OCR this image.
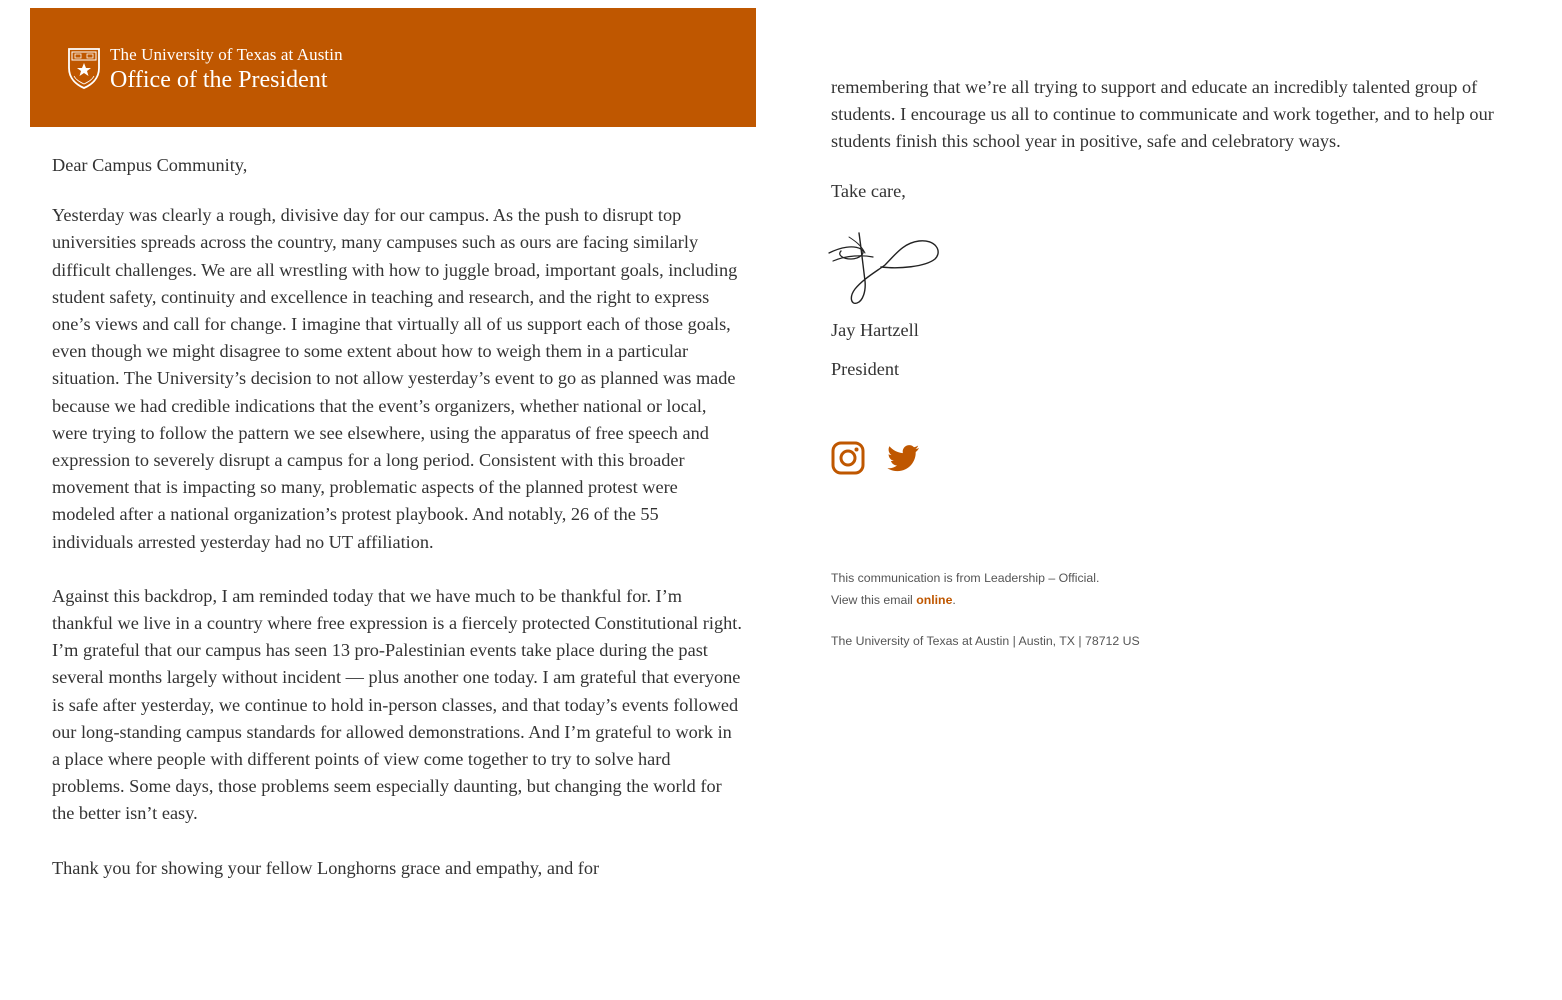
The University of Texas at Austin
Office of the President

Dear Campus Community,

Yesterday was clearly a rough, divisive day for our campus. As the push to disrupt top universities spreads across the country, many campuses such as ours are facing similarly difficult challenges. We are all wrestling with how to juggle broad, important goals, including student safety, continuity and excellence in teaching and research, and the right to express one’s views and call for change. I imagine that virtually all of us support each of those goals, even though we might disagree to some extent about how to weigh them in a particular situation. The University’s decision to not allow yesterday’s event to go as planned was made because we had credible indications that the event’s organizers, whether national or local, were trying to follow the pattern we see elsewhere, using the apparatus of free speech and expression to severely disrupt a campus for a long period. Consistent with this broader movement that is impacting so many, problematic aspects of the planned protest were modeled after a national organization’s protest playbook. And notably, 26 of the 55 individuals arrested yesterday had no UT affiliation.

Against this backdrop, I am reminded today that we have much to be thankful for. I’m thankful we live in a country where free expression is a fiercely protected Constitutional right. I’m grateful that our campus has seen 13 pro-Palestinian events take place during the past several months largely without incident — plus another one today. I am grateful that everyone is safe after yesterday, we continue to hold in-person classes, and that today’s events followed our long-standing campus standards for allowed demonstrations. And I’m grateful to work in a place where people with different points of view come together to try to solve hard problems. Some days, those problems seem especially daunting, but changing the world for the better isn’t easy.

Thank you for showing your fellow Longhorns grace and empathy, and for

remembering that we’re all trying to support and educate an incredibly talented group of students. I encourage us all to continue to communicate and work together, and to help our students finish this school year in positive, safe and celebratory ways.

Take care,

Jay Hartzell

President

This communication is from Leadership – Official.

View this email online.

The University of Texas at Austin | Austin, TX | 78712 US
